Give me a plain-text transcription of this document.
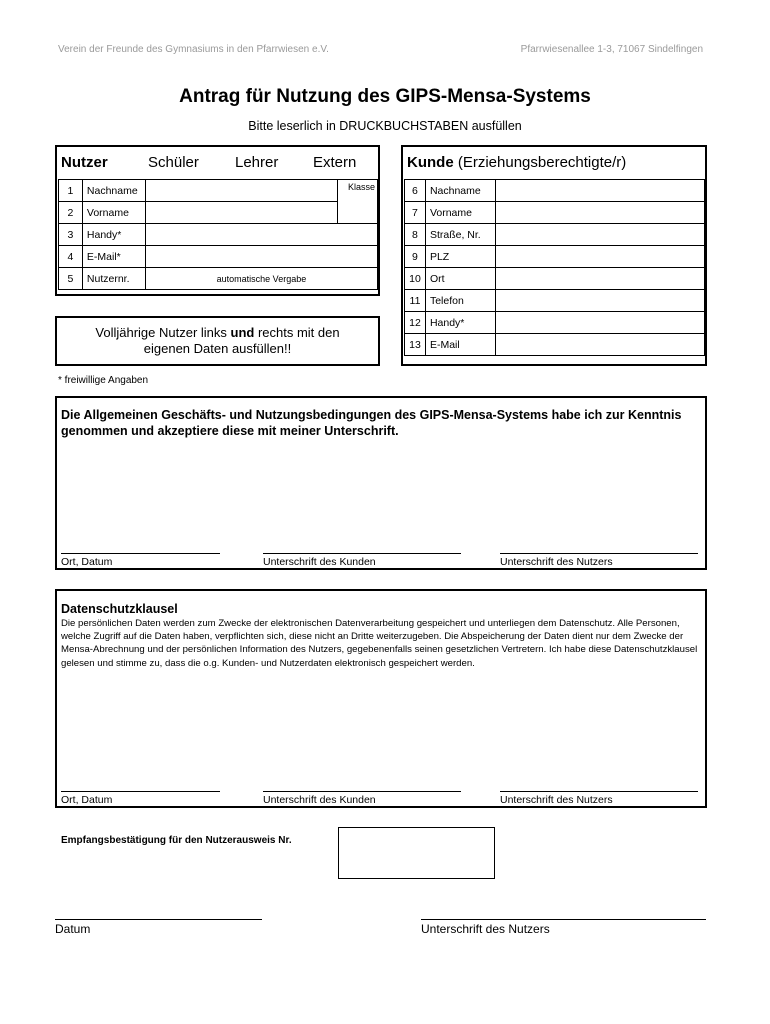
Verein der Freunde des Gymnasiums in den Pfarrwiesen e.V.	Pfarrwiesenallee 1-3, 71067 Sindelfingen
Antrag für Nutzung des GIPS-Mensa-Systems
Bitte leserlich in DRUCKBUCHSTABEN ausfüllen
Nutzer	Schüler Lehrer Extern
1	Nachname		Klasse
2	Vorname		
3	Handy*		
4	E-Mail*		
5	Nutzernr.	automatische Vergabe	
Kunde (Erziehungsberechtigte/r)
6	Nachname	
7	Vorname	
8	Straße, Nr.	
9	PLZ	
10	Ort	
11	Telefon	
12	Handy*	
13	E-Mail	
Volljährige Nutzer links und rechts mit den eigenen Daten ausfüllen!!
* freiwillige Angaben
Die Allgemeinen Geschäfts- und Nutzungsbedingungen des GIPS-Mensa-Systems habe ich zur Kenntnis genommen und akzeptiere diese mit meiner Unterschrift.
Ort, Datum	Unterschrift des Kunden	Unterschrift des Nutzers
Datenschutzklausel
Die persönlichen Daten werden zum Zwecke der elektronischen Datenverarbeitung gespeichert und unterliegen dem Datenschutz. Alle Personen, welche Zugriff auf die Daten haben, verpflichten sich, diese nicht an Dritte weiterzugeben. Die Abspeicherung der Daten dient nur dem Zwecke der Mensa-Abrechnung und der persönlichen Information des Nutzers, gegebenenfalls seinen gesetzlichen Vertretern. Ich habe diese Datenschutzklausel gelesen und stimme zu, dass die o.g. Kunden- und Nutzerdaten elektronisch gespeichert werden.
Ort, Datum	Unterschrift des Kunden	Unterschrift des Nutzers
Empfangsbestätigung für den Nutzerausweis Nr.
Datum	Unterschrift des Nutzers
